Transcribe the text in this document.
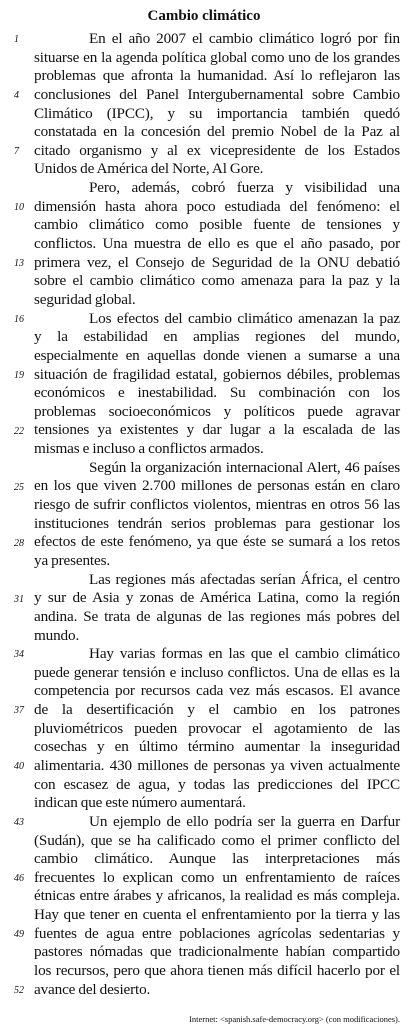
Cambio climático
1
4
7
10
13
16
19
22
25
28
31
34
37
40
43
46
49
52
En el año 2007 el cambio climático logró por fin
situarse en la agenda política global como uno de los grandes
problemas que afronta la humanidad. Así lo reflejaron las
conclusiones del Panel Intergubernamental sobre Cambio
Climático (IPCC), y su importancia también quedó
constatada en la concesión del premio Nobel de la Paz al
citado organismo y al ex vicepresidente de los Estados
Unidos de América del Norte, Al Gore.
Pero, además, cobró fuerza y visibilidad una
dimensión hasta ahora poco estudiada del fenómeno: el
cambio climático como posible fuente de tensiones y
conflictos. Una muestra de ello es que el año pasado, por
primera vez, el Consejo de Seguridad de la ONU debatió
sobre el cambio climático como amenaza para la paz y la
seguridad global.
Los efectos del cambio climático amenazan la paz
y la estabilidad en amplias regiones del mundo,
especialmente en aquellas donde vienen a sumarse a una
situación de fragilidad estatal, gobiernos débiles, problemas
económicos e inestabilidad. Su combinación con los
problemas socioeconómicos y políticos puede agravar
tensiones ya existentes y dar lugar a la escalada de las
mismas e incluso a conflictos armados.
Según la organización internacional Alert, 46 países
en los que viven 2.700 millones de personas están en claro
riesgo de sufrir conflictos violentos, mientras en otros 56 las
instituciones tendrán serios problemas para gestionar los
efectos de este fenómeno, ya que éste se sumará a los retos
ya presentes.
Las regiones más afectadas serían África, el centro
y sur de Asia y zonas de América Latina, como la región
andina. Se trata de algunas de las regiones más pobres del
mundo.
Hay varias formas en las que el cambio climático
puede generar tensión e incluso conflictos. Una de ellas es la
competencia por recursos cada vez más escasos. El avance
de la desertificación y el cambio en los patrones
pluviométricos pueden provocar el agotamiento de las
cosechas y en último término aumentar la inseguridad
alimentaria. 430 millones de personas ya viven actualmente
con escasez de agua, y todas las predicciones del IPCC
indican que este número aumentará.
Un ejemplo de ello podría ser la guerra en Darfur
(Sudán), que se ha calificado como el primer conflicto del
cambio climático. Aunque las interpretaciones más
frecuentes lo explican como un enfrentamiento de raíces
étnicas entre árabes y africanos, la realidad es más compleja.
Hay que tener en cuenta el enfrentamiento por la tierra y las
fuentes de agua entre poblaciones agrícolas sedentarias y
pastores nómadas que tradicionalmente habían compartido
los recursos, pero que ahora tienen más difícil hacerlo por el
avance del desierto.
Internet: <spanish.safe-democracy.org> (con modificaciones).
